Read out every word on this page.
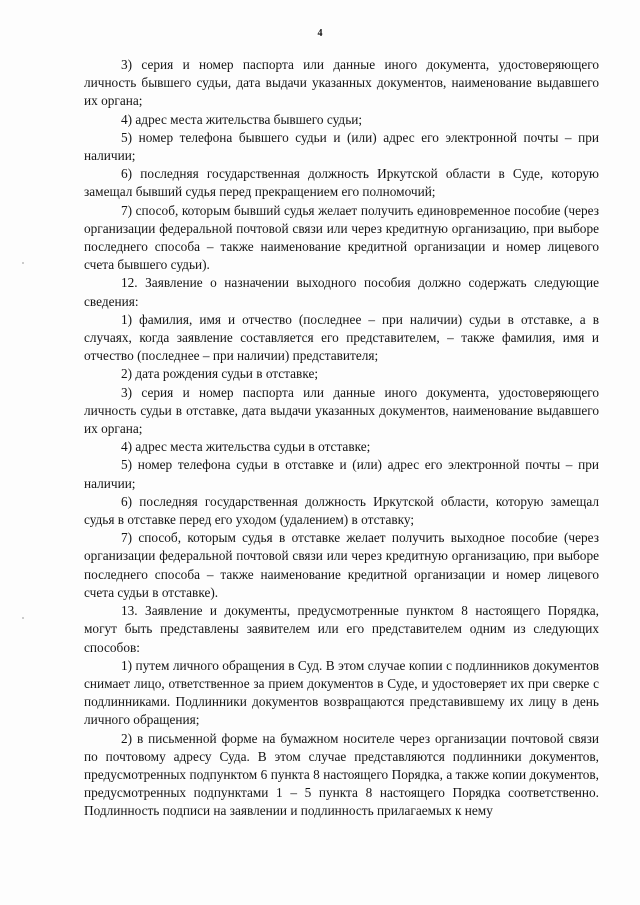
4

3) серия и номер паспорта или данные иного документа, удостоверяющего личность бывшего судьи, дата выдачи указанных документов, наименование выдавшего их органа;

4) адрес места жительства бывшего судьи;

5) номер телефона бывшего судьи и (или) адрес его электронной почты – при наличии;

6) последняя государственная должность Иркутской области в Суде, которую замещал бывший судья перед прекращением его полномочий;

7) способ, которым бывший судья желает получить единовременное пособие (через организации федеральной почтовой связи или через кредитную организацию, при выборе последнего способа – также наименование кредитной организации и номер лицевого счета бывшего судьи).

12. Заявление о назначении выходного пособия должно содержать следующие сведения:

1) фамилия, имя и отчество (последнее – при наличии) судьи в отставке, а в случаях, когда заявление составляется его представителем, – также фамилия, имя и отчество (последнее – при наличии) представителя;

2) дата рождения судьи в отставке;

3) серия и номер паспорта или данные иного документа, удостоверяющего личность судьи в отставке, дата выдачи указанных документов, наименование выдавшего их органа;

4) адрес места жительства судьи в отставке;

5) номер телефона судьи в отставке и (или) адрес его электронной почты – при наличии;

6) последняя государственная должность Иркутской области, которую замещал судья в отставке перед его уходом (удалением) в отставку;

7) способ, которым судья в отставке желает получить выходное пособие (через организации федеральной почтовой связи или через кредитную организацию, при выборе последнего способа – также наименование кредитной организации и номер лицевого счета судьи в отставке).

13. Заявление и документы, предусмотренные пунктом 8 настоящего Порядка, могут быть представлены заявителем или его представителем одним из следующих способов:

1) путем личного обращения в Суд. В этом случае копии с подлинников документов снимает лицо, ответственное за прием документов в Суде, и удостоверяет их при сверке с подлинниками. Подлинники документов возвращаются представившему их лицу в день личного обращения;

2) в письменной форме на бумажном носителе через организации почтовой связи по почтовому адресу Суда. В этом случае представляются подлинники документов, предусмотренных подпунктом 6 пункта 8 настоящего Порядка, а также копии документов, предусмотренных подпунктами 1 – 5 пункта 8 настоящего Порядка соответственно. Подлинность подписи на заявлении и подлинность прилагаемых к нему
